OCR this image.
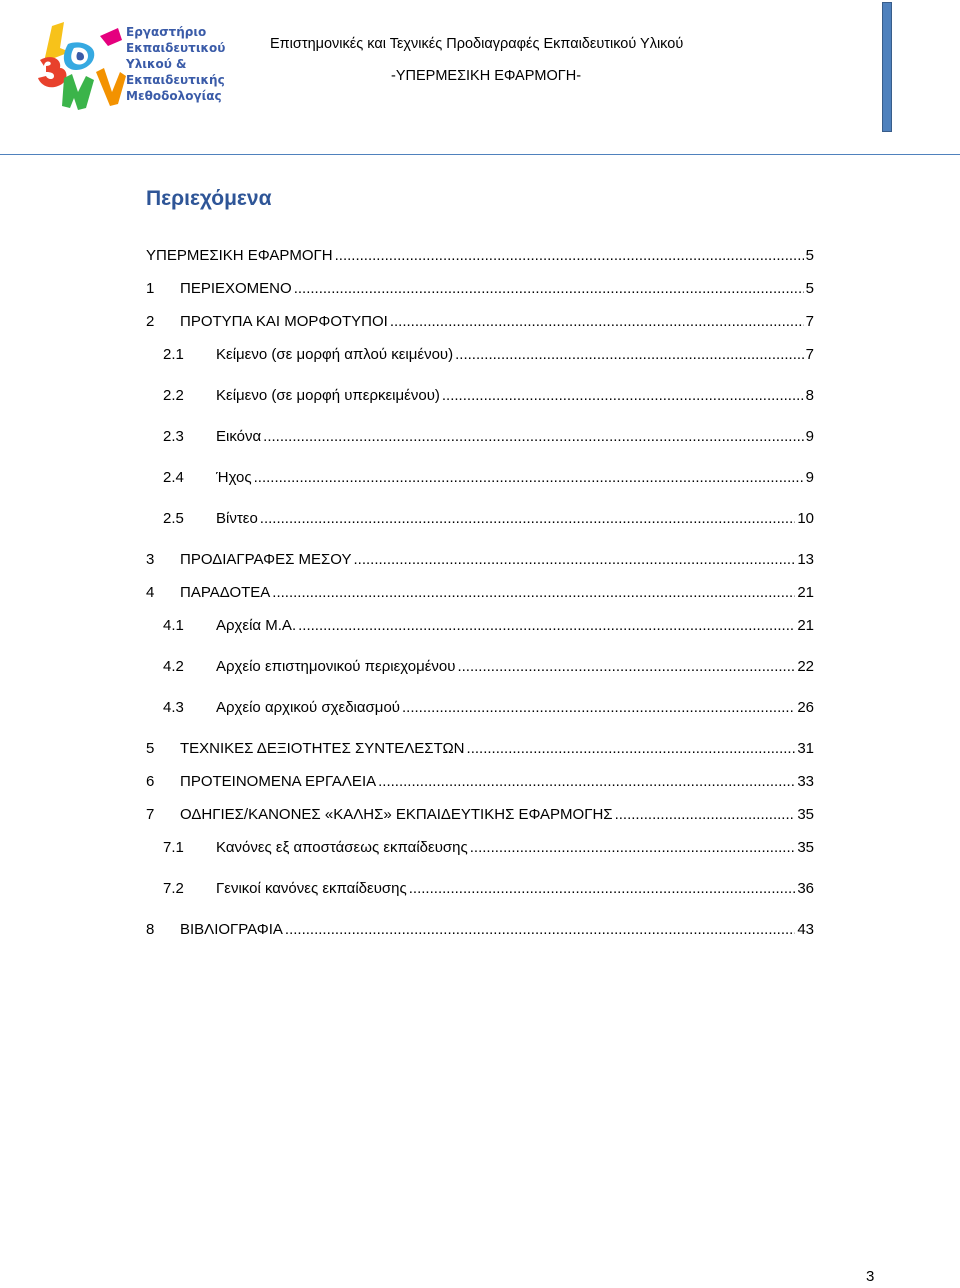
Εργαστήριο
Εκπαιδευτικού
Υλικού &
Εκπαιδευτικής
Μεθοδολογίας
Επιστημονικές και Τεχνικές Προδιαγραφές Εκπαιδευτικού Υλικού
-ΥΠΕΡΜΕΣΙΚΗ ΕΦΑΡΜΟΓΗ-
Περιεχόμενα
ΥΠΕΡΜΕΣΙΚΗ ΕΦΑΡΜΟΓΗ .....	5
1	ΠΕΡΙΕΧΟΜΕΝΟ .....	5
2	ΠΡΟΤΥΠΑ ΚΑΙ ΜΟΡΦΟΤΥΠΟΙ .....	7
2.1	Κείμενο (σε μορφή απλού κειμένου) .....	7
2.2	Κείμενο (σε μορφή υπερκειμένου) .....	8
2.3	Εικόνα .....	9
2.4	Ήχος .....	9
2.5	Βίντεο .....	10
3	ΠΡΟΔΙΑΓΡΑΦΕΣ ΜΕΣΟΥ .....	13
4	ΠΑΡΑΔΟΤΕΑ .....	21
4.1	Αρχεία Μ.Α. .....	21
4.2	Αρχείο επιστημονικού περιεχομένου .....	22
4.3	Αρχείο αρχικού σχεδιασμού .....	26
5	ΤΕΧΝΙΚΕΣ ΔΕΞΙΟΤΗΤΕΣ ΣΥΝΤΕΛΕΣΤΩΝ .....	31
6	ΠΡΟΤΕΙΝΟΜΕΝΑ ΕΡΓΑΛΕΙΑ .....	33
7	ΟΔΗΓΙΕΣ/ΚΑΝΟΝΕΣ «ΚΑΛΗΣ» ΕΚΠΑΙΔΕΥΤΙΚΗΣ ΕΦΑΡΜΟΓΗΣ .....	35
7.1	Κανόνες εξ αποστάσεως εκπαίδευσης .....	35
7.2	Γενικοί κανόνες εκπαίδευσης .....	36
8	ΒΙΒΛΙΟΓΡΑΦΙΑ .....	43
3
